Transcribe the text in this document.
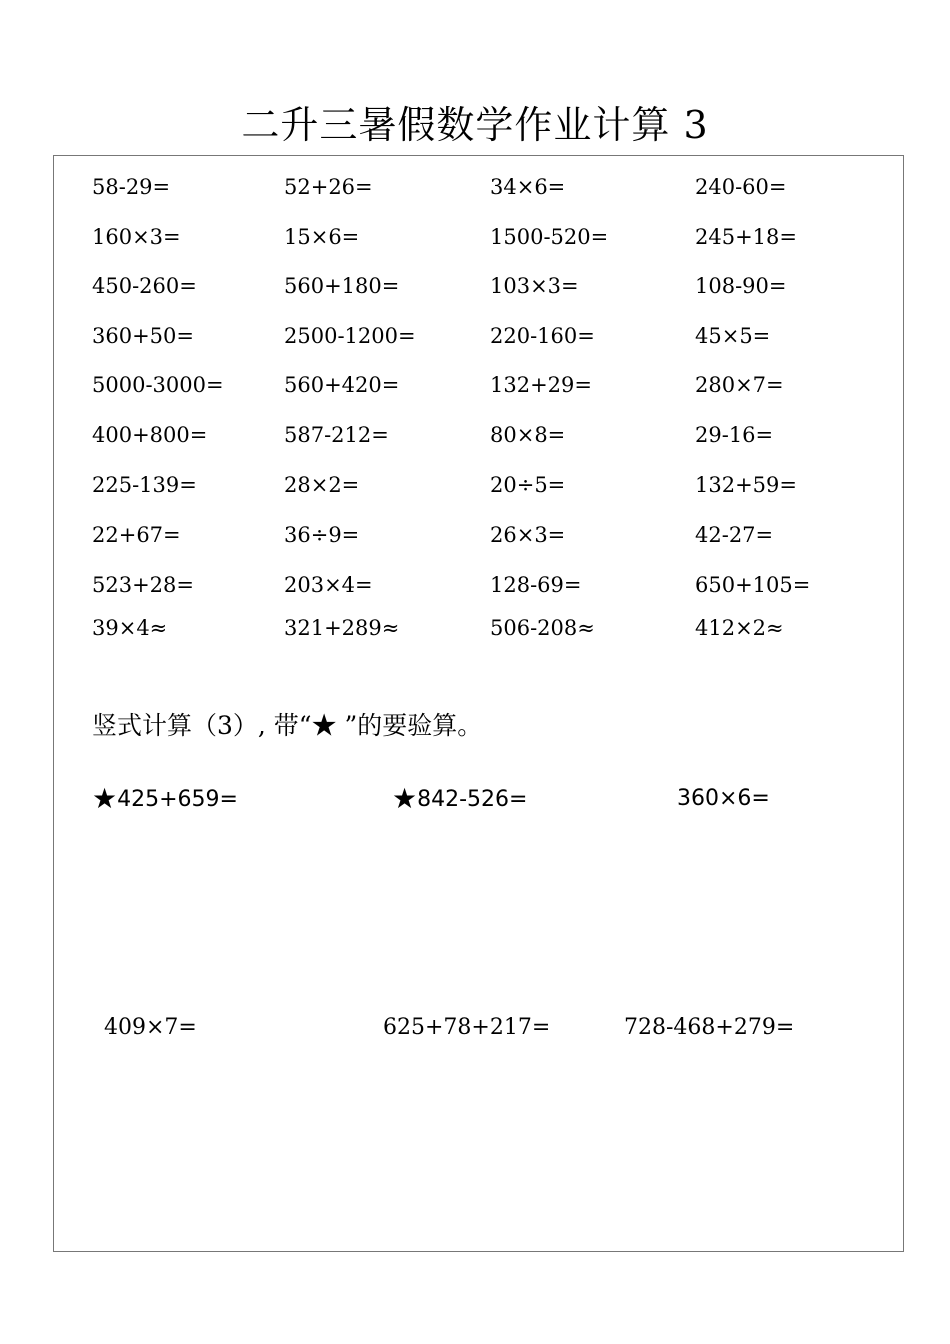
二升三暑假数学作业计算 3
58-29=	52+26=	34×6=	240-60=
160×3=	15×6=	1500-520=	245+18=
450-260=	560+180=	103×3=	108-90=
360+50=	2500-1200=	220-160=	45×5=
5000-3000=	560+420=	132+29=	280×7=
400+800=	587-212=	80×8=	29-16=
225-139=	28×2=	20÷5=	132+59=
22+67=	36÷9=	26×3=	42-27=
523+28=	203×4=	128-69=	650+105=
39×4≈	321+289≈	506-208≈	412×2≈
竖式计算（3）, 带“★ ”的要验算。
★425+659=	★842-526=	360×6=
409×7=	625+78+217=	728-468+279=
